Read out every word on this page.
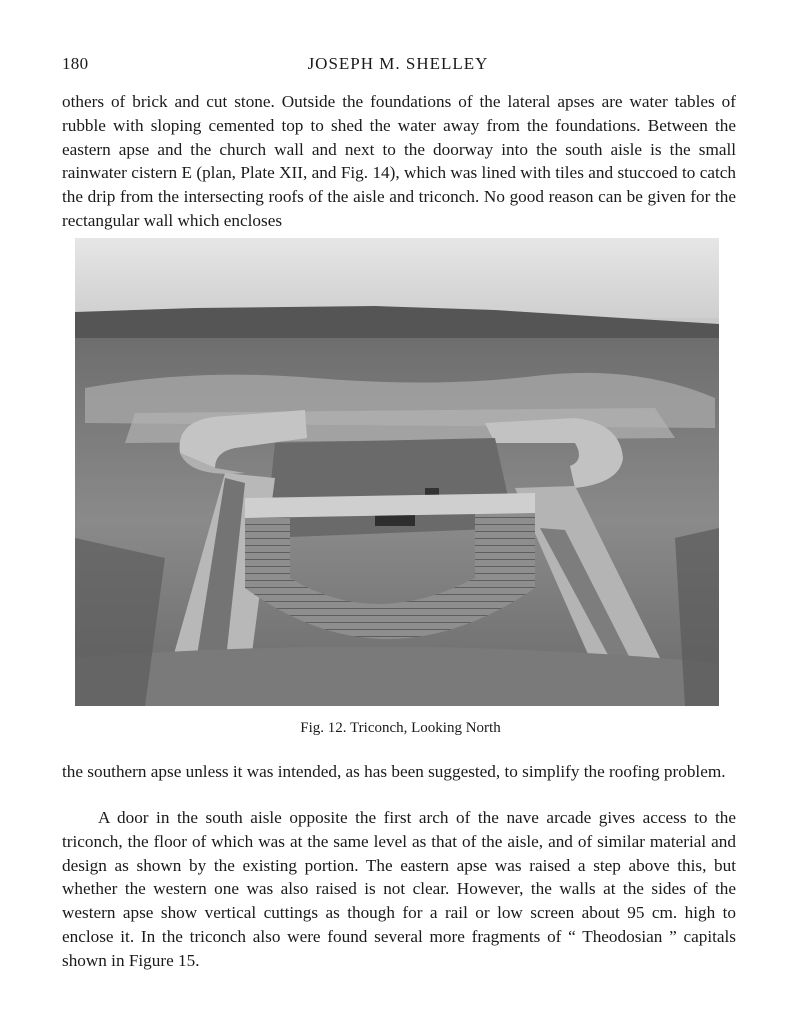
180	JOSEPH M. SHELLEY

others of brick and cut stone. Outside the foundations of the lateral apses are water tables of rubble with sloping cemented top to shed the water away from the foundations. Between the eastern apse and the church wall and next to the doorway into the south aisle is the small rainwater cistern E (plan, Plate XII, and Fig. 14), which was lined with tiles and stuccoed to catch the drip from the intersecting roofs of the aisle and triconch. No good reason can be given for the rectangular wall which encloses

Fig. 12. Triconch, Looking North

the southern apse unless it was intended, as has been suggested, to simplify the roofing problem.

A door in the south aisle opposite the first arch of the nave arcade gives access to the triconch, the floor of which was at the same level as that of the aisle, and of similar material and design as shown by the existing portion. The eastern apse was raised a step above this, but whether the western one was also raised is not clear. However, the walls at the sides of the western apse show vertical cuttings as though for a rail or low screen about 95 cm. high to enclose it. In the triconch also were found several more fragments of “ Theodosian ” capitals shown in Figure 15.
